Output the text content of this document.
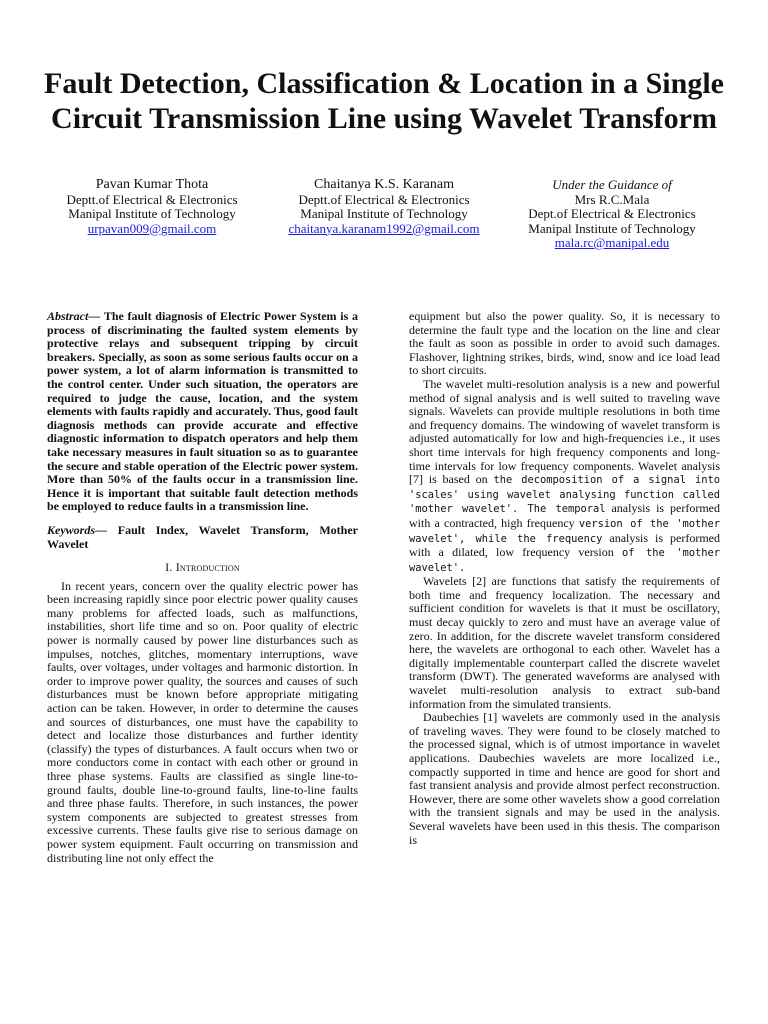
Fault Detection, Classification & Location in a Single Circuit Transmission Line using Wavelet Transform
Pavan Kumar Thota
Deptt.of Electrical & Electronics
Manipal Institute of Technology
urpavan009@gmail.com
Chaitanya K.S. Karanam
Deptt.of Electrical & Electronics
Manipal Institute of Technology
chaitanya.karanam1992@gmail.com
Under the Guidance of
Mrs R.C.Mala
Dept.of Electrical & Electronics
Manipal Institute of Technology
mala.rc@manipal.edu

Abstract— The fault diagnosis of Electric Power System is a process of discriminating the faulted system elements by protective relays and subsequent tripping by circuit breakers. Specially, as soon as some serious faults occur on a power system, a lot of alarm information is transmitted to the control center. Under such situation, the operators are required to judge the cause, location, and the system elements with faults rapidly and accurately. Thus, good fault diagnosis methods can provide accurate and effective diagnostic information to dispatch operators and help them take necessary measures in fault situation so as to guarantee the secure and stable operation of the Electric power system. More than 50% of the faults occur in a transmission line. Hence it is important that suitable fault detection methods be employed to reduce faults in a transmission line.

Keywords— Fault Index, Wavelet Transform, Mother Wavelet

I. Introduction

In recent years, concern over the quality electric power has been increasing rapidly since poor electric power quality causes many problems for affected loads, such as malfunctions, instabilities, short life time and so on. Poor quality of electric power is normally caused by power line disturbances such as impulses, notches, glitches, momentary interruptions, wave faults, over voltages, under voltages and harmonic distortion. In order to improve power quality, the sources and causes of such disturbances must be known before appropriate mitigating action can be taken. However, in order to determine the causes and sources of disturbances, one must have the capability to detect and localize those disturbances and further identity (classify) the types of disturbances. A fault occurs when two or more conductors come in contact with each other or ground in three phase systems. Faults are classified as single line-to-ground faults, double line-to-ground faults, line-to-line faults and three phase faults. Therefore, in such instances, the power system components are subjected to greatest stresses from excessive currents. These faults give rise to serious damage on power system equipment. Fault occurring on transmission and distributing line not only effect the

equipment but also the power quality. So, it is necessary to determine the fault type and the location on the line and clear the fault as soon as possible in order to avoid such damages. Flashover, lightning strikes, birds, wind, snow and ice load lead to short circuits.

The wavelet multi-resolution analysis is a new and powerful method of signal analysis and is well suited to traveling wave signals. Wavelets can provide multiple resolutions in both time and frequency domains. The windowing of wavelet transform is adjusted automatically for low and high-frequencies i.e., it uses short time intervals for high frequency components and long-time intervals for low frequency components. Wavelet analysis [7] is based on the decomposition of a signal into 'scales' using wavelet analysing function called 'mother wavelet'. The temporal analysis is performed with a contracted, high frequency version of the 'mother wavelet', while the frequency analysis is performed with a dilated, low frequency version of the 'mother wavelet'.

Wavelets [2] are functions that satisfy the requirements of both time and frequency localization. The necessary and sufficient condition for wavelets is that it must be oscillatory, must decay quickly to zero and must have an average value of zero. In addition, for the discrete wavelet transform considered here, the wavelets are orthogonal to each other. Wavelet has a digitally implementable counterpart called the discrete wavelet transform (DWT). The generated waveforms are analysed with wavelet multi-resolution analysis to extract sub-band information from the simulated transients.

Daubechies [1] wavelets are commonly used in the analysis of traveling waves. They were found to be closely matched to the processed signal, which is of utmost importance in wavelet applications. Daubechies wavelets are more localized i.e., compactly supported in time and hence are good for short and fast transient analysis and provide almost perfect reconstruction. However, there are some other wavelets show a good correlation with the transient signals and may be used in the analysis. Several wavelets have been used in this thesis. The comparison is
